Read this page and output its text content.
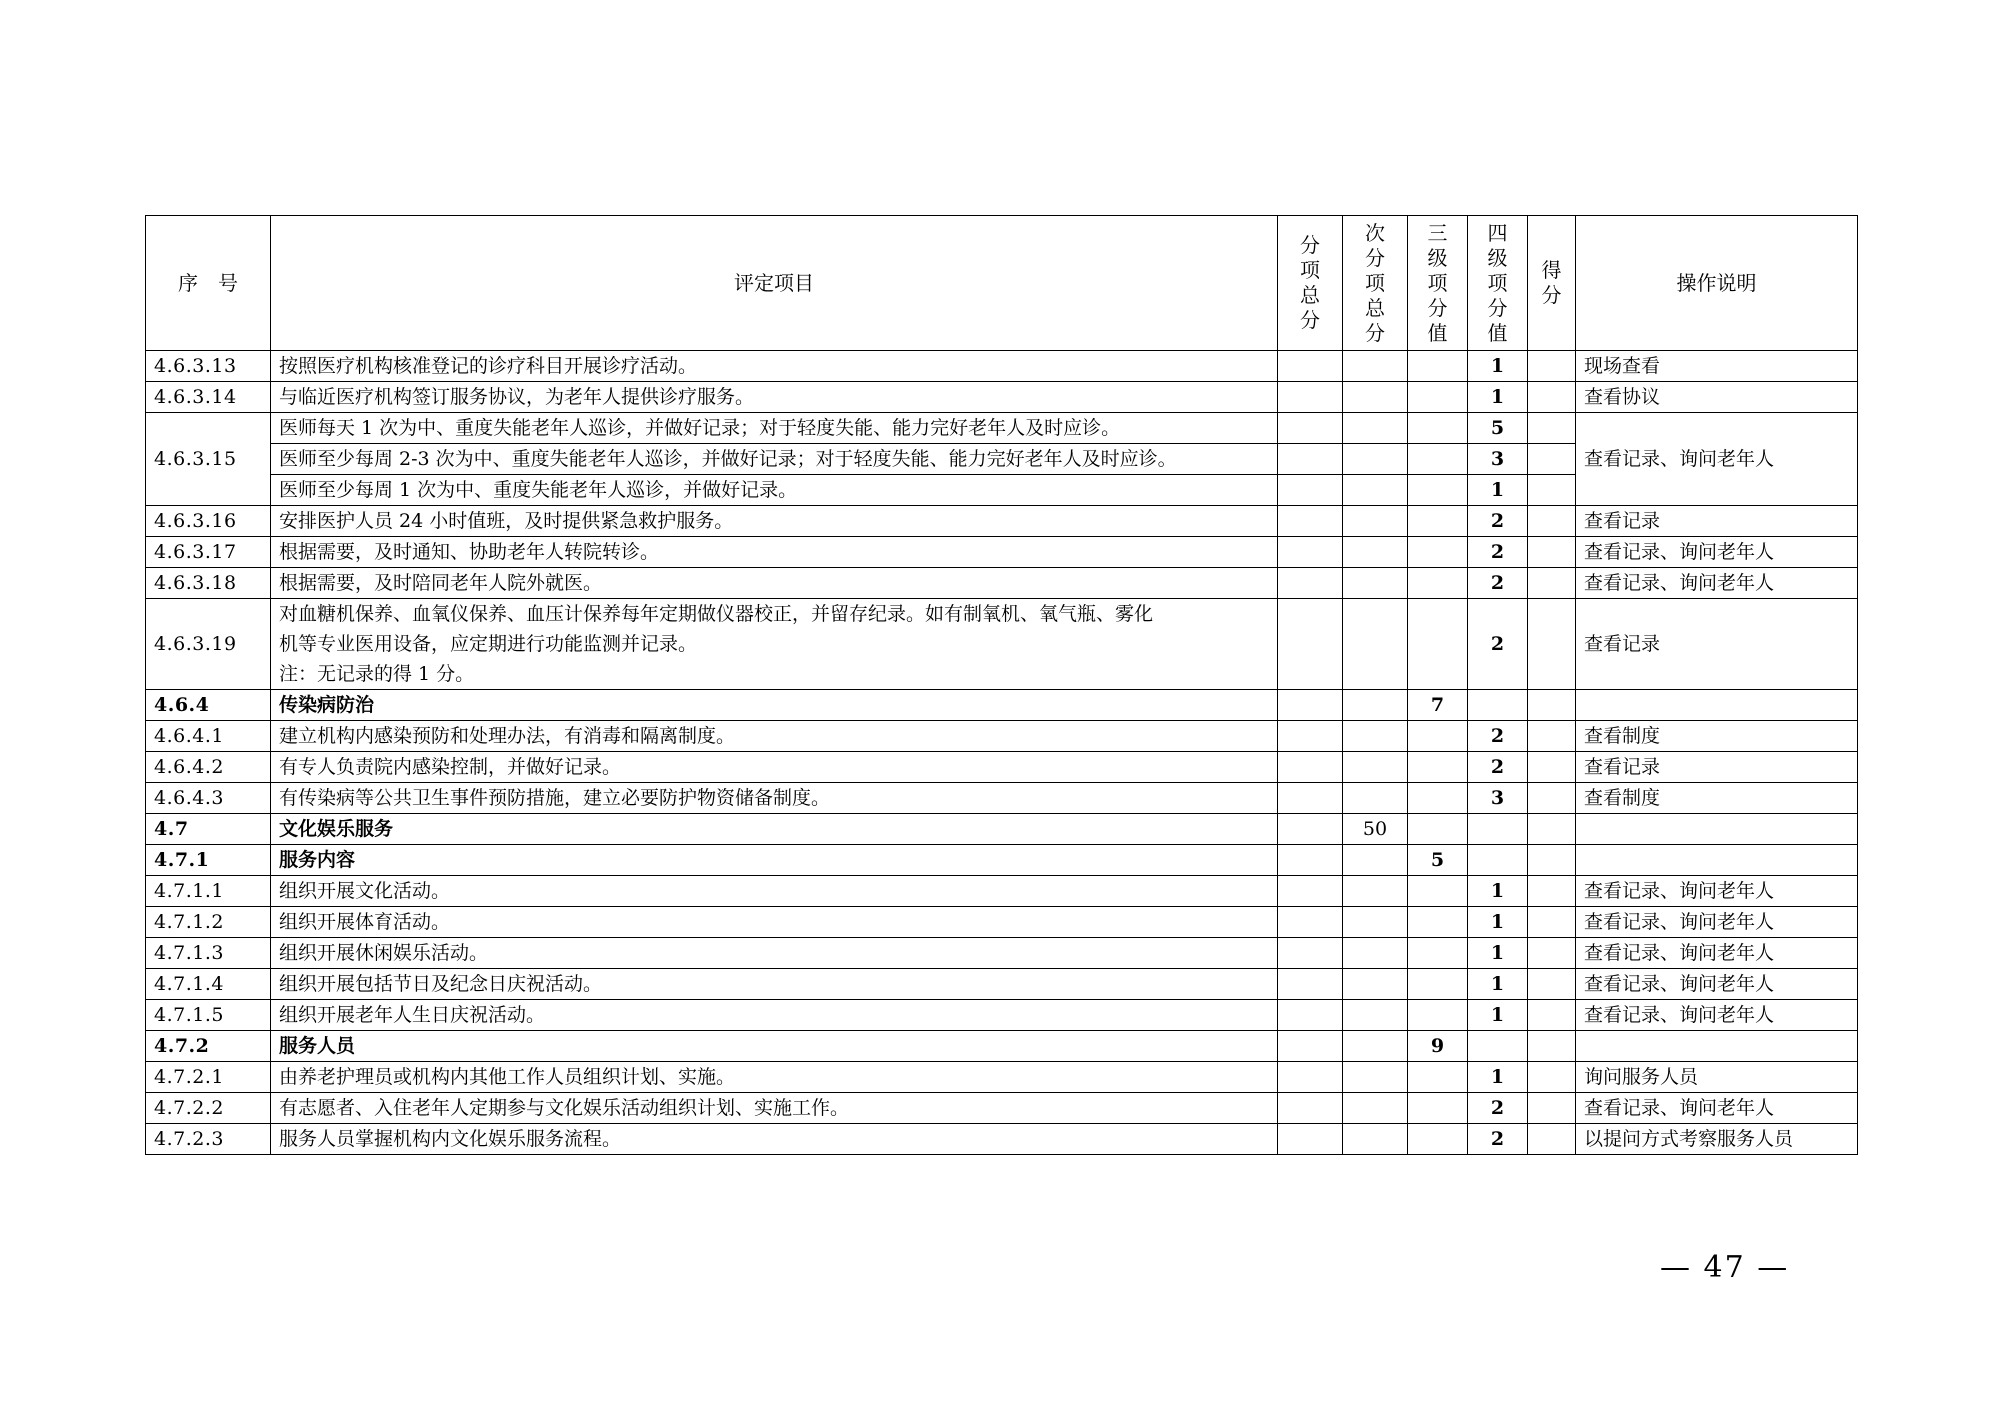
序　号	评定项目	分项总分	次分项总分	三级项分值	四级项分值	得分	操作说明
4.6.3.13	按照医疗机构核准登记的诊疗科目开展诊疗活动。				1		现场查看
4.6.3.14	与临近医疗机构签订服务协议，为老年人提供诊疗服务。				1		查看协议
4.6.3.15	医师每天 1 次为中、重度失能老年人巡诊，并做好记录；对于轻度失能、能力完好老年人及时应诊。				5		查看记录、询问老年人
	医师至少每周 2-3 次为中、重度失能老年人巡诊，并做好记录；对于轻度失能、能力完好老年人及时应诊。				3		
	医师至少每周 1 次为中、重度失能老年人巡诊，并做好记录。				1		
4.6.3.16	安排医护人员 24 小时值班，及时提供紧急救护服务。				2		查看记录
4.6.3.17	根据需要，及时通知、协助老年人转院转诊。				2		查看记录、询问老年人
4.6.3.18	根据需要，及时陪同老年人院外就医。				2		查看记录、询问老年人
4.6.3.19	对血糖机保养、血氧仪保养、血压计保养每年定期做仪器校正，并留存纪录。如有制氧机、氧气瓶、雾化
机等专业医用设备，应定期进行功能监测并记录。
注：无记录的得 1 分。				2		查看记录
4.6.4	传染病防治			7			
4.6.4.1	建立机构内感染预防和处理办法，有消毒和隔离制度。				2		查看制度
4.6.4.2	有专人负责院内感染控制，并做好记录。				2		查看记录
4.6.4.3	有传染病等公共卫生事件预防措施，建立必要防护物资储备制度。				3		查看制度
4.7	文化娱乐服务		50				
4.7.1	服务内容			5			
4.7.1.1	组织开展文化活动。				1		查看记录、询问老年人
4.7.1.2	组织开展体育活动。				1		查看记录、询问老年人
4.7.1.3	组织开展休闲娱乐活动。				1		查看记录、询问老年人
4.7.1.4	组织开展包括节日及纪念日庆祝活动。				1		查看记录、询问老年人
4.7.1.5	组织开展老年人生日庆祝活动。				1		查看记录、询问老年人
4.7.2	服务人员			9			
4.7.2.1	由养老护理员或机构内其他工作人员组织计划、实施。				1		询问服务人员
4.7.2.2	有志愿者、入住老年人定期参与文化娱乐活动组织计划、实施工作。				2		查看记录、询问老年人
4.7.2.3	服务人员掌握机构内文化娱乐服务流程。				2		以提问方式考察服务人员
— 47 —
